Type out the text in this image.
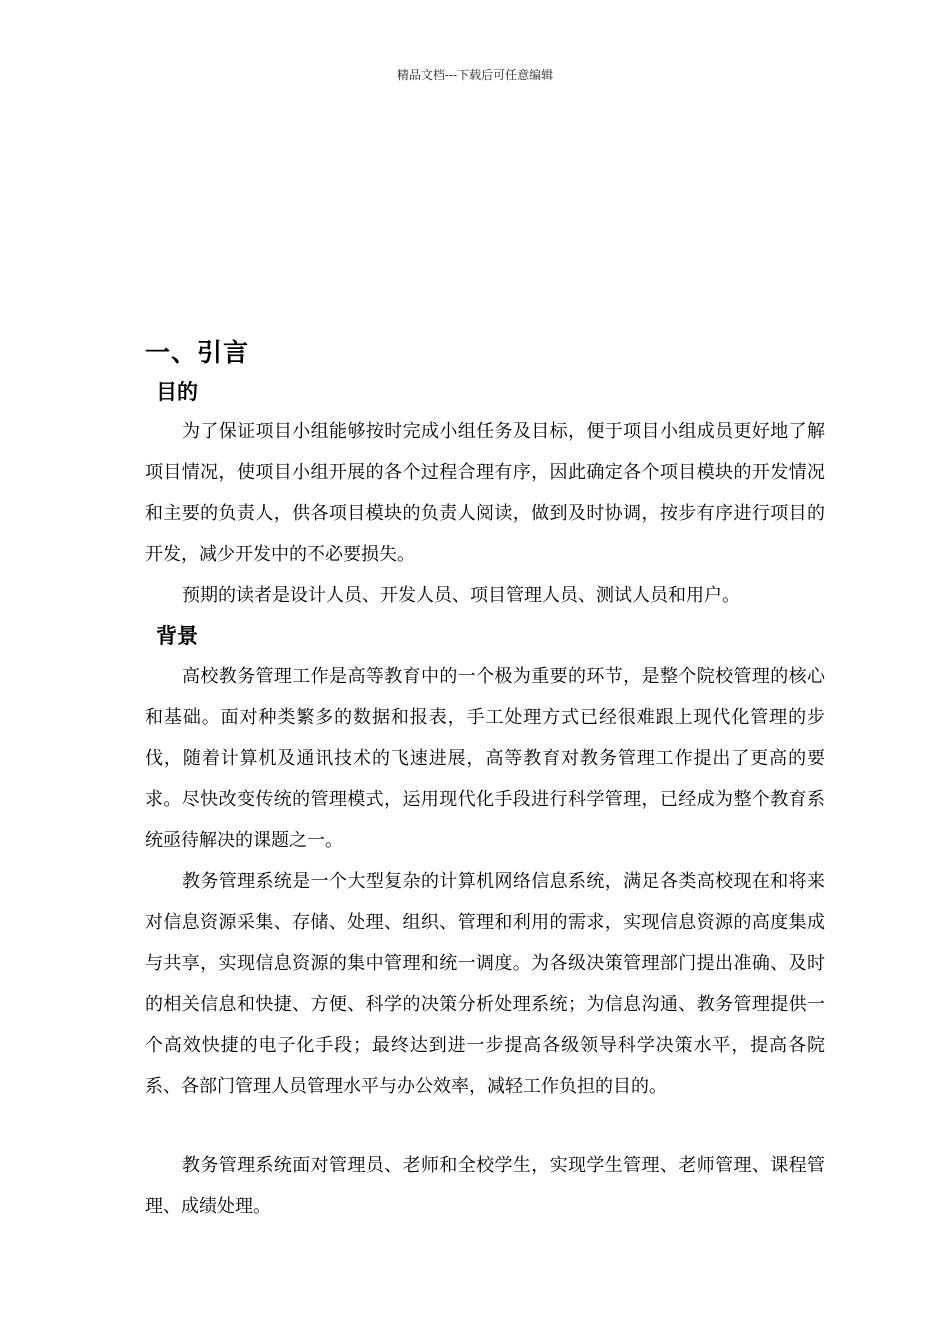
精品文档---下载后可任意编辑
一、引言
目的

为了保证项目小组能够按时完成小组任务及目标，便于项目小组成员更好地了解项目情况，使项目小组开展的各个过程合理有序，因此确定各个项目模块的开发情况和主要的负责人，供各项目模块的负责人阅读，做到及时协调，按步有序进行项目的开发，减少开发中的不必要损失。

预期的读者是设计人员、开发人员、项目管理人员、测试人员和用户。

背景

高校教务管理工作是高等教育中的一个极为重要的环节，是整个院校管理的核心和基础。面对种类繁多的数据和报表，手工处理方式已经很难跟上现代化管理的步伐，随着计算机及通讯技术的飞速进展，高等教育对教务管理工作提出了更高的要求。尽快改变传统的管理模式，运用现代化手段进行科学管理，已经成为整个教育系统亟待解决的课题之一。

教务管理系统是一个大型复杂的计算机网络信息系统，满足各类高校现在和将来对信息资源采集、存储、处理、组织、管理和利用的需求，实现信息资源的高度集成与共享，实现信息资源的集中管理和统一调度。为各级决策管理部门提出准确、及时的相关信息和快捷、方便、科学的决策分析处理系统；为信息沟通、教务管理提供一个高效快捷的电子化手段；最终达到进一步提高各级领导科学决策水平，提高各院系、各部门管理人员管理水平与办公效率，减轻工作负担的目的。

教务管理系统面对管理员、老师和全校学生，实现学生管理、老师管理、课程管理、成绩处理。
